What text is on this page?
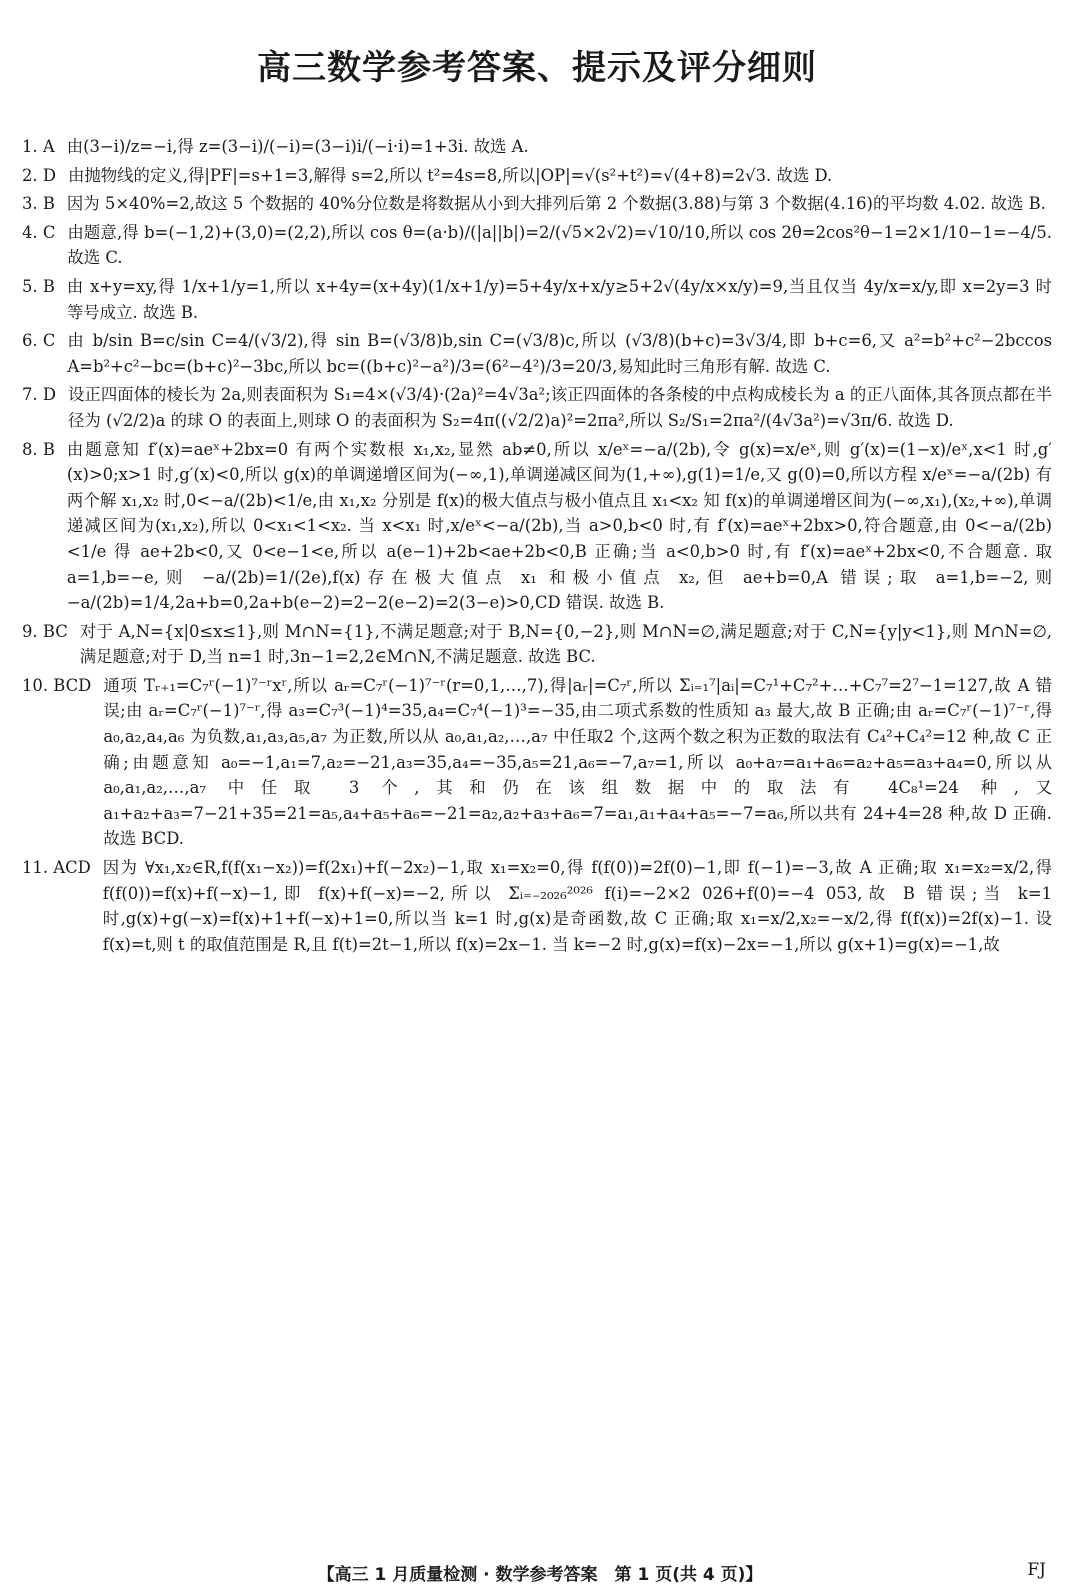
高三数学参考答案、提示及评分细则
1. A 由(3−i)/z=−i,得 z=(3−i)/(−i)=(3−i)i/(−i·i)=1+3i. 故选 A.
2. D 由抛物线的定义,得|PF|=s+1=3,解得 s=2,所以 t²=4s=8,所以|OP|=√(s²+t²)=√(4+8)=2√3. 故选 D.
3. B 因为 5×40%=2,故这 5 个数据的 40%分位数是将数据从小到大排列后第 2 个数据(3.88)与第 3 个数据(4.16)的平均数 4.02. 故选 B.
4. C 由题意,得 b=(−1,2)+(3,0)=(2,2),所以 cos θ=(a·b)/(|a||b|)=2/(√5×2√2)=√10/10,所以 cos 2θ=2cos²θ−1=2×1/10−1=−4/5. 故选 C.
5. B 由 x+y=xy,得 1/x+1/y=1,所以 x+4y=(x+4y)(1/x+1/y)=5+4y/x+x/y≥5+2√(4y/x×x/y)=9,当且仅当 4y/x=x/y,即 x=2y=3 时等号成立. 故选 B.
6. C 由 b/sin B=c/sin C=4/(√3/2),得 sin B=(√3/8)b,sin C=(√3/8)c,所以 (√3/8)(b+c)=3√3/4,即 b+c=6,又 a²=b²+c²−2bccos A=b²+c²−bc=(b+c)²−3bc,所以 bc=((b+c)²−a²)/3=(6²−4²)/3=20/3,易知此时三角形有解. 故选 C.
7. D 设正四面体的棱长为 2a,则表面积为 S₁=4×(√3/4)·(2a)²=4√3a²;该正四面体的各条棱的中点构成棱长为 a 的正八面体,其各顶点都在半径为 (√2/2)a 的球 O 的表面上,则球 O 的表面积为 S₂=4π((√2/2)a)²=2πa²,所以 S₂/S₁=2πa²/(4√3a²)=√3π/6. 故选 D.
8. B 由题意知 f′(x)=aeˣ+2bx=0 有两个实数根 x₁,x₂,显然 ab≠0,所以 x/eˣ=−a/(2b),令 g(x)=x/eˣ,则 g′(x)=(1−x)/eˣ,x<1 时,g′(x)>0;x>1 时,g′(x)<0,所以 g(x)的单调递增区间为(−∞,1),单调递减区间为(1,+∞),g(1)=1/e,又 g(0)=0,所以方程 x/eˣ=−a/(2b) 有两个解 x₁,x₂ 时,0<−a/(2b)<1/e,由 x₁,x₂ 分别是 f(x)的极大值点与极小值点且 x₁<x₂ 知 f(x)的单调递增区间为(−∞,x₁),(x₂,+∞),单调递减区间为(x₁,x₂),所以 0<x₁<1<x₂. 当 x<x₁ 时,x/eˣ<−a/(2b),当 a>0,b<0 时,有 f′(x)=aeˣ+2bx>0,符合题意,由 0<−a/(2b)<1/e 得 ae+2b<0,又 0<e−1<e,所以 a(e−1)+2b<ae+2b<0,B 正确;当 a<0,b>0 时,有 f′(x)=aeˣ+2bx<0,不合题意. 取 a=1,b=−e,则 −a/(2b)=1/(2e),f(x)存在极大值点 x₁ 和极小值点 x₂,但 ae+b=0,A 错误;取 a=1,b=−2,则 −a/(2b)=1/4,2a+b=0,2a+b(e−2)=2−2(e−2)=2(3−e)>0,CD 错误. 故选 B.
9. BC 对于 A,N={x|0≤x≤1},则 M∩N={1},不满足题意;对于 B,N={0,−2},则 M∩N=∅,满足题意;对于 C,N={y|y<1},则 M∩N=∅,满足题意;对于 D,当 n=1 时,3n−1=2,2∈M∩N,不满足题意. 故选 BC.
10. BCD 通项 Tᵣ₊₁=C₇ʳ(−1)⁷⁻ʳxʳ,所以 aᵣ=C₇ʳ(−1)⁷⁻ʳ(r=0,1,…,7),得|aᵣ|=C₇ʳ,所以 Σᵢ₌₁⁷|aᵢ|=C₇¹+C₇²+…+C₇⁷=2⁷−1=127,故 A 错误;由 aᵣ=C₇ʳ(−1)⁷⁻ʳ,得 a₃=C₇³(−1)⁴=35,a₄=C₇⁴(−1)³=−35,由二项式系数的性质知 a₃ 最大,故 B 正确;由 aᵣ=C₇ʳ(−1)⁷⁻ʳ,得 a₀,a₂,a₄,a₆ 为负数,a₁,a₃,a₅,a₇ 为正数,所以从 a₀,a₁,a₂,…,a₇ 中任取2 个,这两个数之积为正数的取法有 C₄²+C₄²=12 种,故 C 正确;由题意知 a₀=−1,a₁=7,a₂=−21,a₃=35,a₄=−35,a₅=21,a₆=−7,a₇=1,所以 a₀+a₇=a₁+a₆=a₂+a₅=a₃+a₄=0,所以从 a₀,a₁,a₂,…,a₇ 中任取 3 个,其和仍在该组数据中的取法有 4C₈¹=24 种,又 a₁+a₂+a₃=7−21+35=21=a₅,a₄+a₅+a₆=−21=a₂,a₂+a₃+a₆=7=a₁,a₁+a₄+a₅=−7=a₆,所以共有 24+4=28 种,故 D 正确. 故选 BCD.
11. ACD 因为 ∀x₁,x₂∈R,f(f(x₁−x₂))=f(2x₁)+f(−2x₂)−1,取 x₁=x₂=0,得 f(f(0))=2f(0)−1,即 f(−1)=−3,故 A 正确;取 x₁=x₂=x/2,得 f(f(0))=f(x)+f(−x)−1,即 f(x)+f(−x)=−2,所以 Σᵢ₌₋₂₀₂₆²⁰²⁶ f(i)=−2×2 026+f(0)=−4 053,故 B 错误;当 k=1 时,g(x)+g(−x)=f(x)+1+f(−x)+1=0,所以当 k=1 时,g(x)是奇函数,故 C 正确;取 x₁=x/2,x₂=−x/2,得 f(f(x))=2f(x)−1. 设 f(x)=t,则 t 的取值范围是 R,且 f(t)=2t−1,所以 f(x)=2x−1. 当 k=−2 时,g(x)=f(x)−2x=−1,所以 g(x+1)=g(x)=−1,故
【高三 1 月质量检测 · 数学参考答案　第 1 页(共 4 页)】	FJ
